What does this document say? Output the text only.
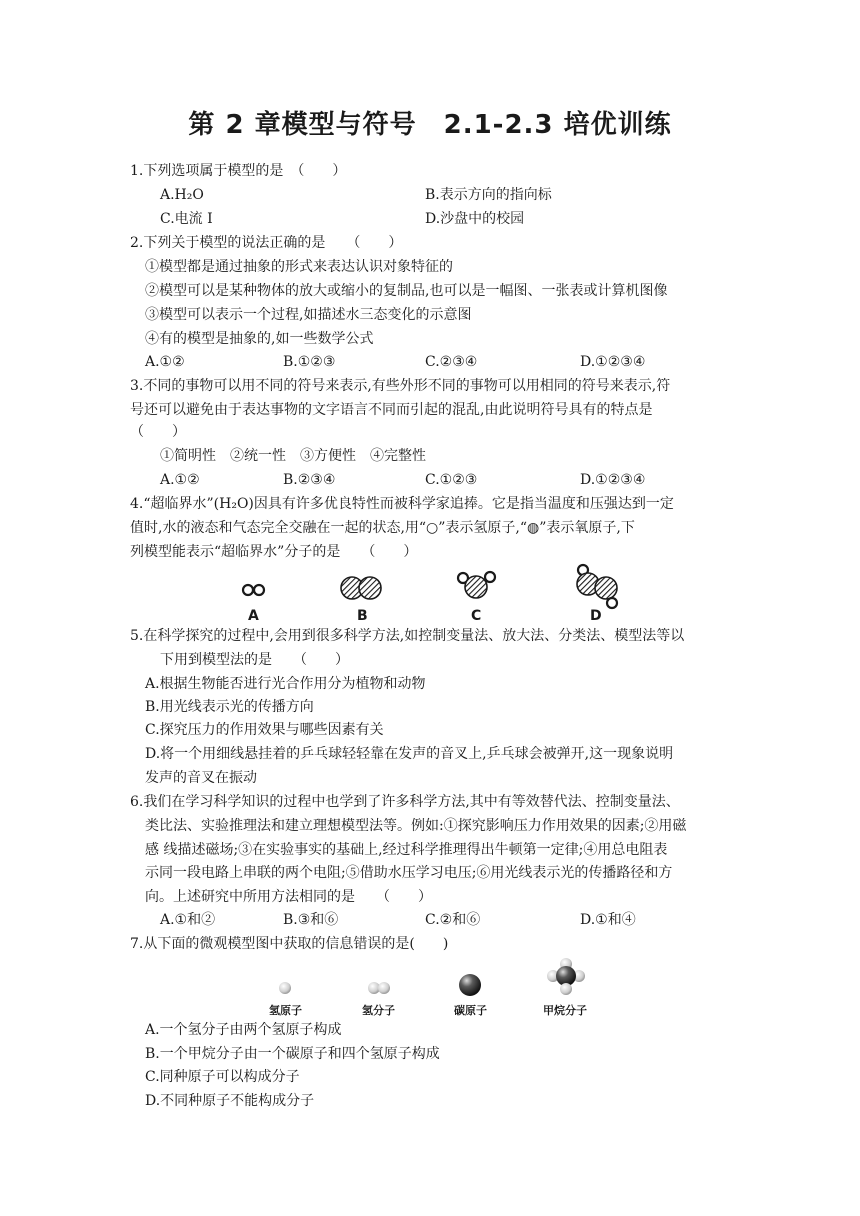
第 2 章模型与符号　2.1-2.3 培优训练
1.下列选项属于模型的是　（　　）
A.H₂O	B.表示方向的指向标
C.电流 I	D.沙盘中的校园
2.下列关于模型的说法正确的是　　（　　）
①模型都是通过抽象的形式来表达认识对象特征的
②模型可以是某种物体的放大或缩小的复制品,也可以是一幅图、一张表或计算机图像
③模型可以表示一个过程,如描述水三态变化的示意图
④有的模型是抽象的,如一些数学公式
A.①②	B.①②③	C.②③④	D.①②③④
3.不同的事物可以用不同的符号来表示,有些外形不同的事物可以用相同的符号来表示,符
号还可以避免由于表达事物的文字语言不同而引起的混乱,由此说明符号具有的特点是
（　　）
①简明性　②统一性　③方便性　④完整性
A.①②	B.②③④	C.①②③	D.①②③④
4.“超临界水”(H₂O)因具有许多优良特性而被科学家追捧。它是指当温度和压强达到一定
值时,水的液态和气态完全交融在一起的状态,用“○”表示氢原子,“◍”表示氧原子,下
列模型能表示“超临界水”分子的是　　（　　）
A	B	C	D
5.在科学探究的过程中,会用到很多科学方法,如控制变量法、放大法、分类法、模型法等以
下用到模型法的是　　（　　）
A.根据生物能否进行光合作用分为植物和动物
B.用光线表示光的传播方向
C.探究压力的作用效果与哪些因素有关
D.将一个用细线悬挂着的乒乓球轻轻靠在发声的音叉上,乒乓球会被弹开,这一现象说明
发声的音叉在振动
6.我们在学习科学知识的过程中也学到了许多科学方法,其中有等效替代法、控制变量法、
类比法、实验推理法和建立理想模型法等。例如:①探究影响压力作用效果的因素;②用磁
感 线描述磁场;③在实验事实的基础上,经过科学推理得出牛顿第一定律;④用总电阻表
示同一段电路上串联的两个电阻;⑤借助水压学习电压;⑥用光线表示光的传播路径和方
向。上述研究中所用方法相同的是　　（　　）
A.①和②	B.③和⑥	C.②和⑥	D.①和④
7.从下面的微观模型图中获取的信息错误的是(　　)
氢原子	氢分子	碳原子	甲烷分子
A.一个氢分子由两个氢原子构成
B.一个甲烷分子由一个碳原子和四个氢原子构成
C.同种原子可以构成分子
D.不同种原子不能构成分子
